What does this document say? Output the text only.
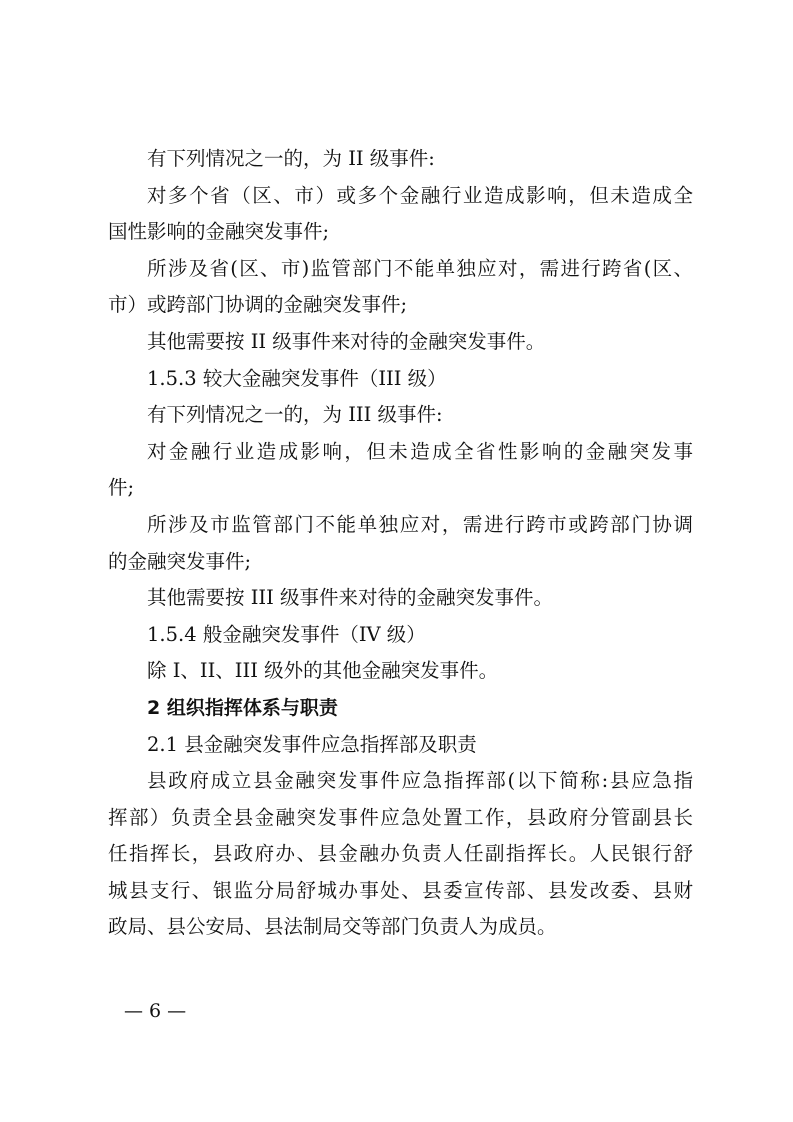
有下列情况之一的，为 II 级事件:
对多个省（区、市）或多个金融行业造成影响，但未造成全
国性影响的金融突发事件;
所涉及省(区、市)监管部门不能单独应对，需进行跨省(区、
市）或跨部门协调的金融突发事件;
其他需要按 II 级事件来对待的金融突发事件。
1.5.3 较大金融突发事件（III 级）
有下列情况之一的，为 III 级事件:
对金融行业造成影响，但未造成全省性影响的金融突发事
件;
所涉及市监管部门不能单独应对，需进行跨市或跨部门协调
的金融突发事件;
其他需要按 III 级事件来对待的金融突发事件。
1.5.4 般金融突发事件（IV 级）
除 I、II、III 级外的其他金融突发事件。
2 组织指挥体系与职责
2.1 县金融突发事件应急指挥部及职责
县政府成立县金融突发事件应急指挥部(以下简称:县应急指
挥部）负责全县金融突发事件应急处置工作，县政府分管副县长
任指挥长，县政府办、县金融办负责人任副指挥长。人民银行舒
城县支行、银监分局舒城办事处、县委宣传部、县发改委、县财
政局、县公安局、县法制局交等部门负责人为成员。
— 6 —
